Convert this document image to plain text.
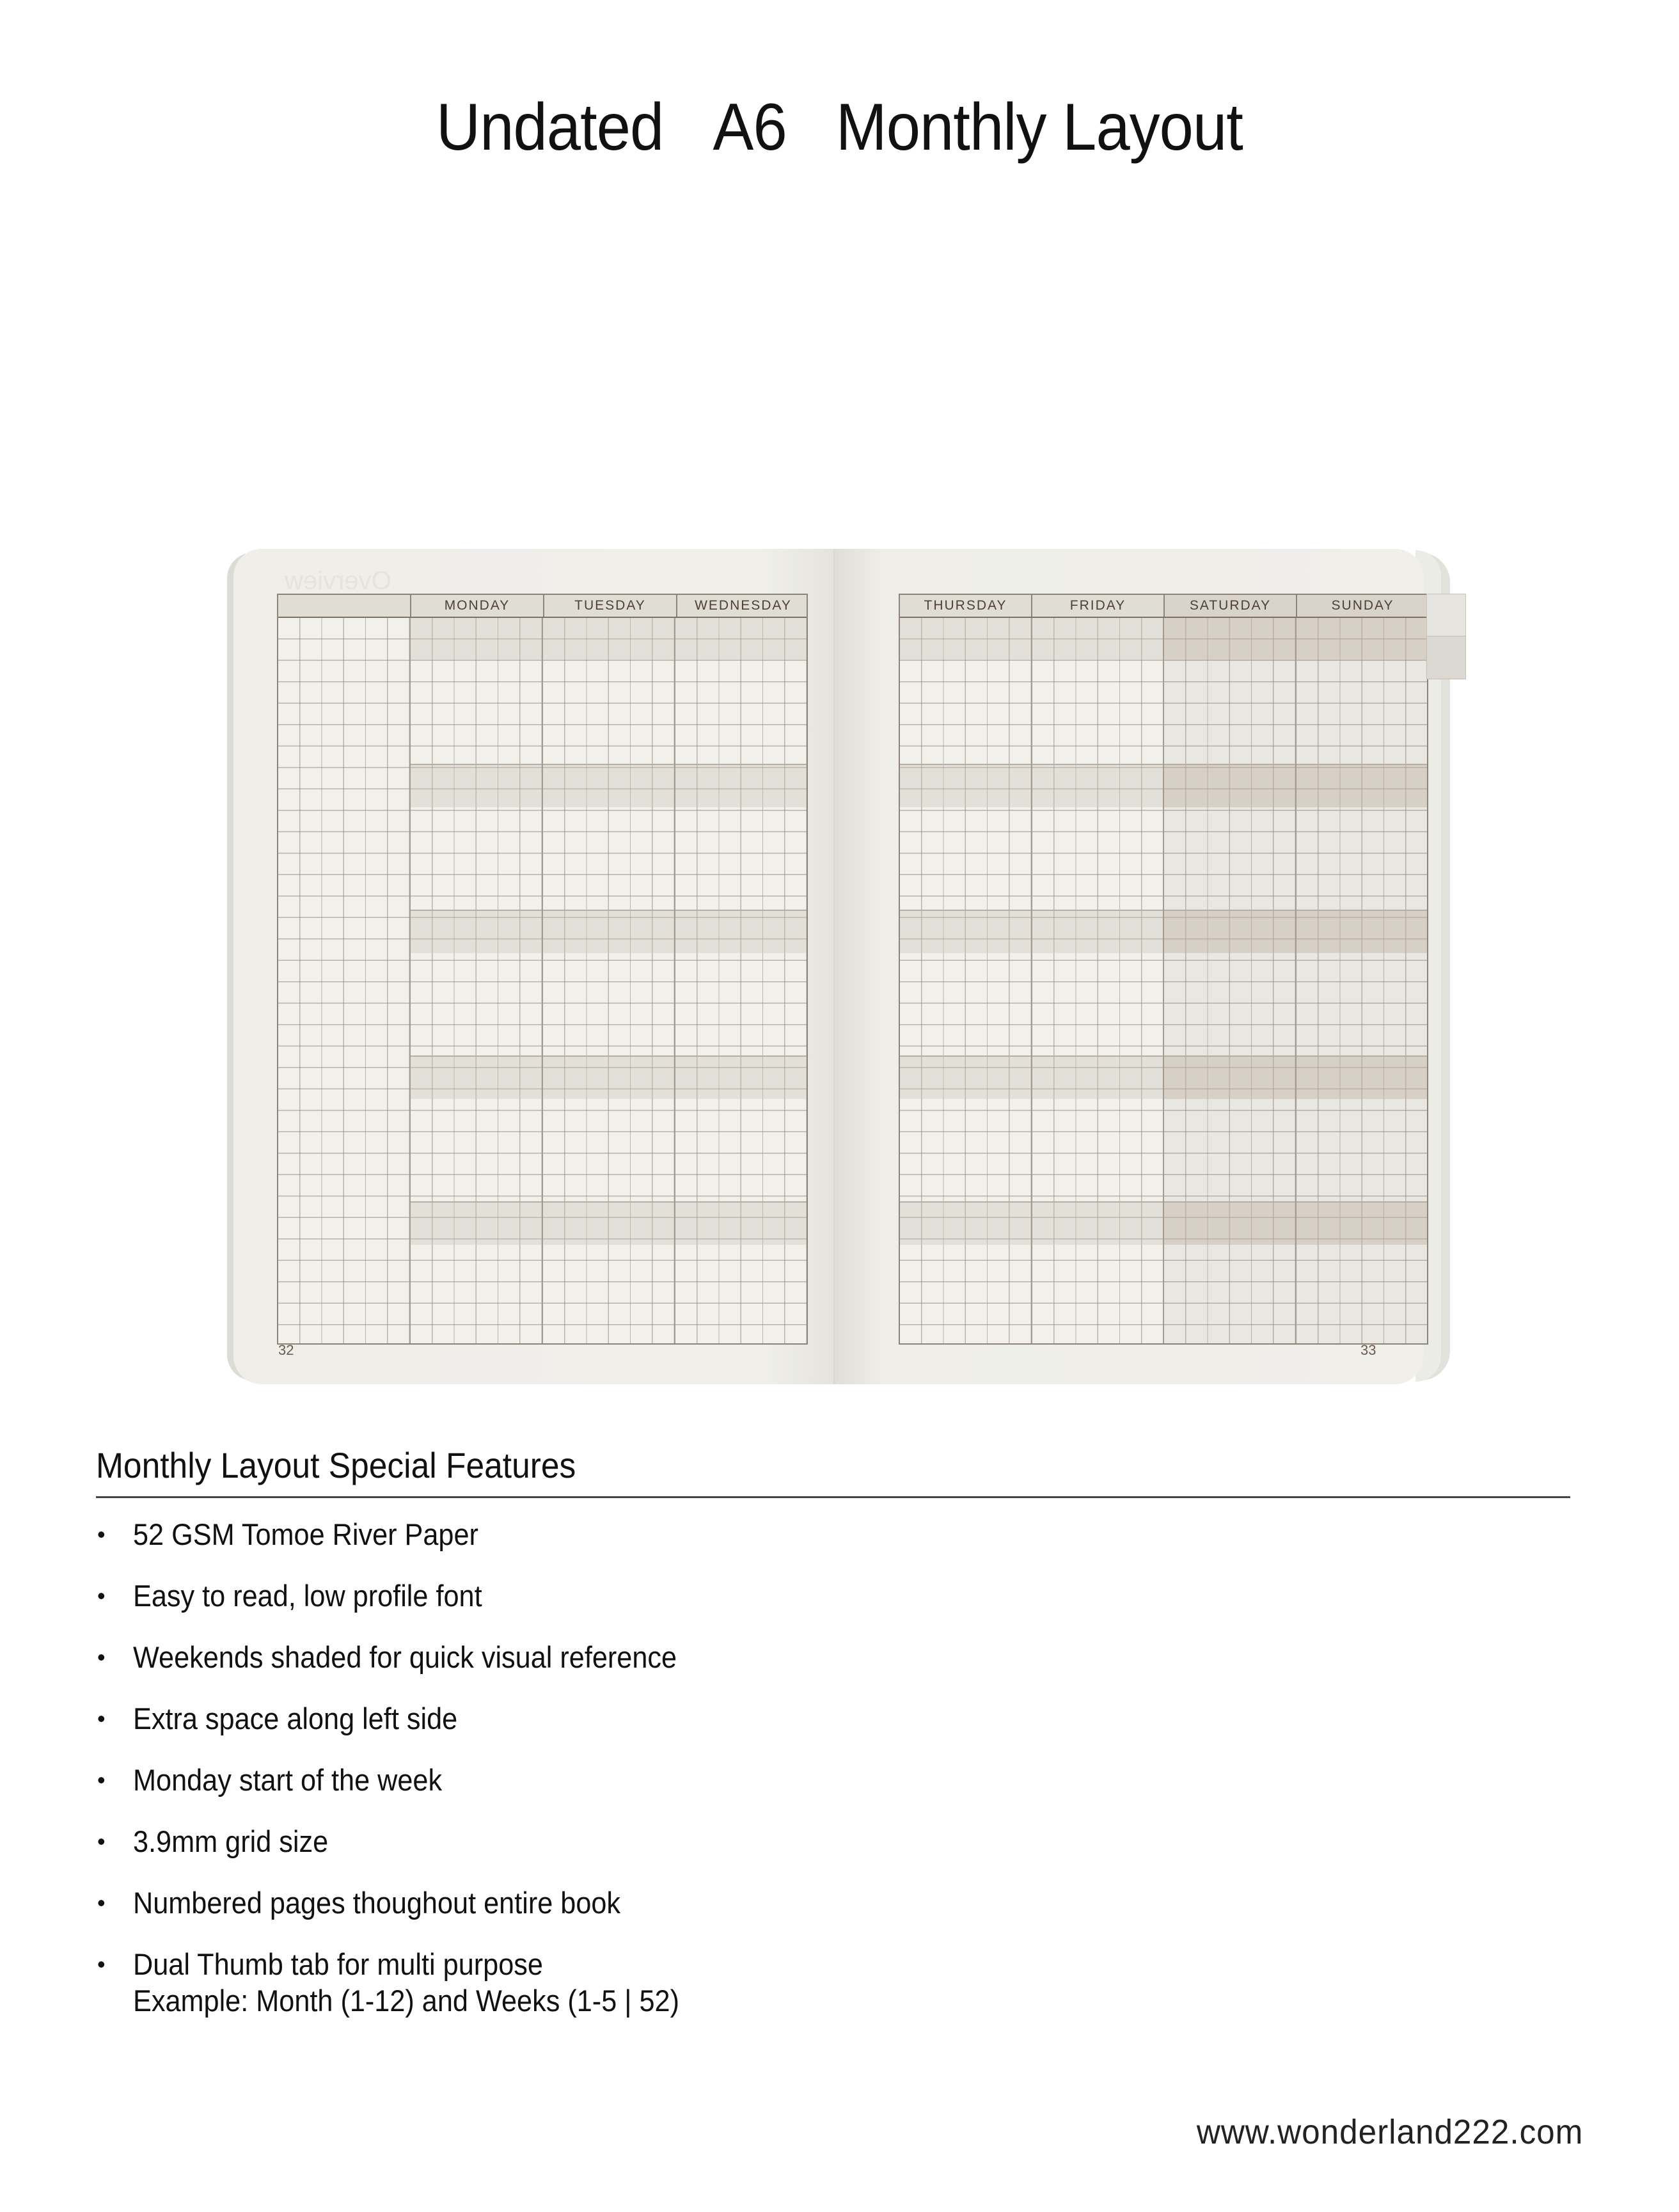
Undated A6 Monthly Layout
Overview
MONDAY	TUESDAY	WEDNESDAY	THURSDAY	FRIDAY	SATURDAY	SUNDAY
32	33
Monthly Layout Special Features
• 52 GSM Tomoe River Paper
• Easy to read, low profile font
• Weekends shaded for quick visual reference
• Extra space along left side
• Monday start of the week
• 3.9mm grid size
• Numbered pages thoughout entire book
• Dual Thumb tab for multi purpose
Example: Month (1-12) and Weeks (1-5 | 52)
www.wonderland222.com
